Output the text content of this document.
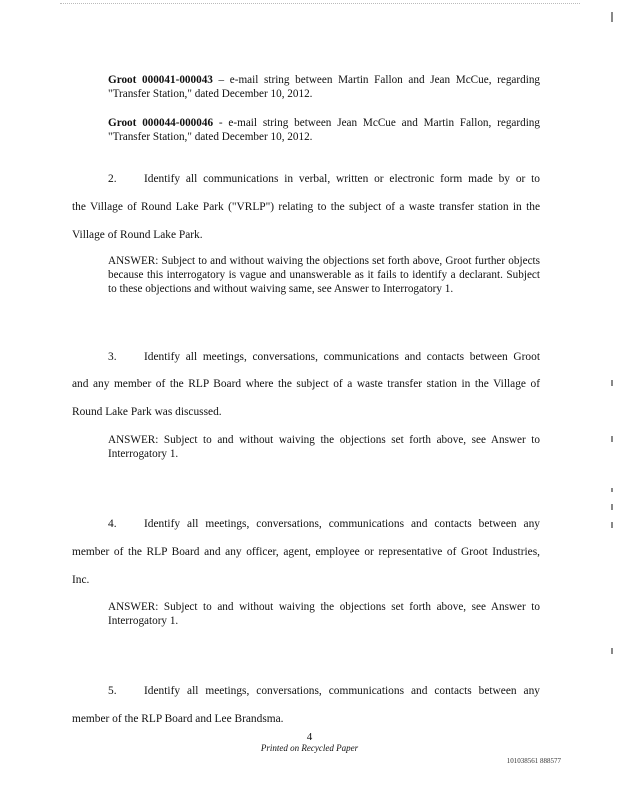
Groot 000041-000043 – e-mail string between Martin Fallon and Jean McCue, regarding "Transfer Station," dated December 10, 2012.
Groot 000044-000046 - e-mail string between Jean McCue and Martin Fallon, regarding "Transfer Station," dated December 10, 2012.
2. Identify all communications in verbal, written or electronic form made by or to
the Village of Round Lake Park ("VRLP") relating to the subject of a waste transfer station in the
Village of Round Lake Park.
ANSWER: Subject to and without waiving the objections set forth above, Groot further objects because this interrogatory is vague and unanswerable as it fails to identify a declarant. Subject to these objections and without waiving same, see Answer to Interrogatory 1.
3. Identify all meetings, conversations, communications and contacts between Groot
and any member of the RLP Board where the subject of a waste transfer station in the Village of
Round Lake Park was discussed.
ANSWER: Subject to and without waiving the objections set forth above, see Answer to Interrogatory 1.
4. Identify all meetings, conversations, communications and contacts between any
member of the RLP Board and any officer, agent, employee or representative of Groot Industries,
Inc.
ANSWER: Subject to and without waiving the objections set forth above, see Answer to Interrogatory 1.
5. Identify all meetings, conversations, communications and contacts between any
member of the RLP Board and Lee Brandsma.
4
Printed on Recycled Paper
101038561 888577
